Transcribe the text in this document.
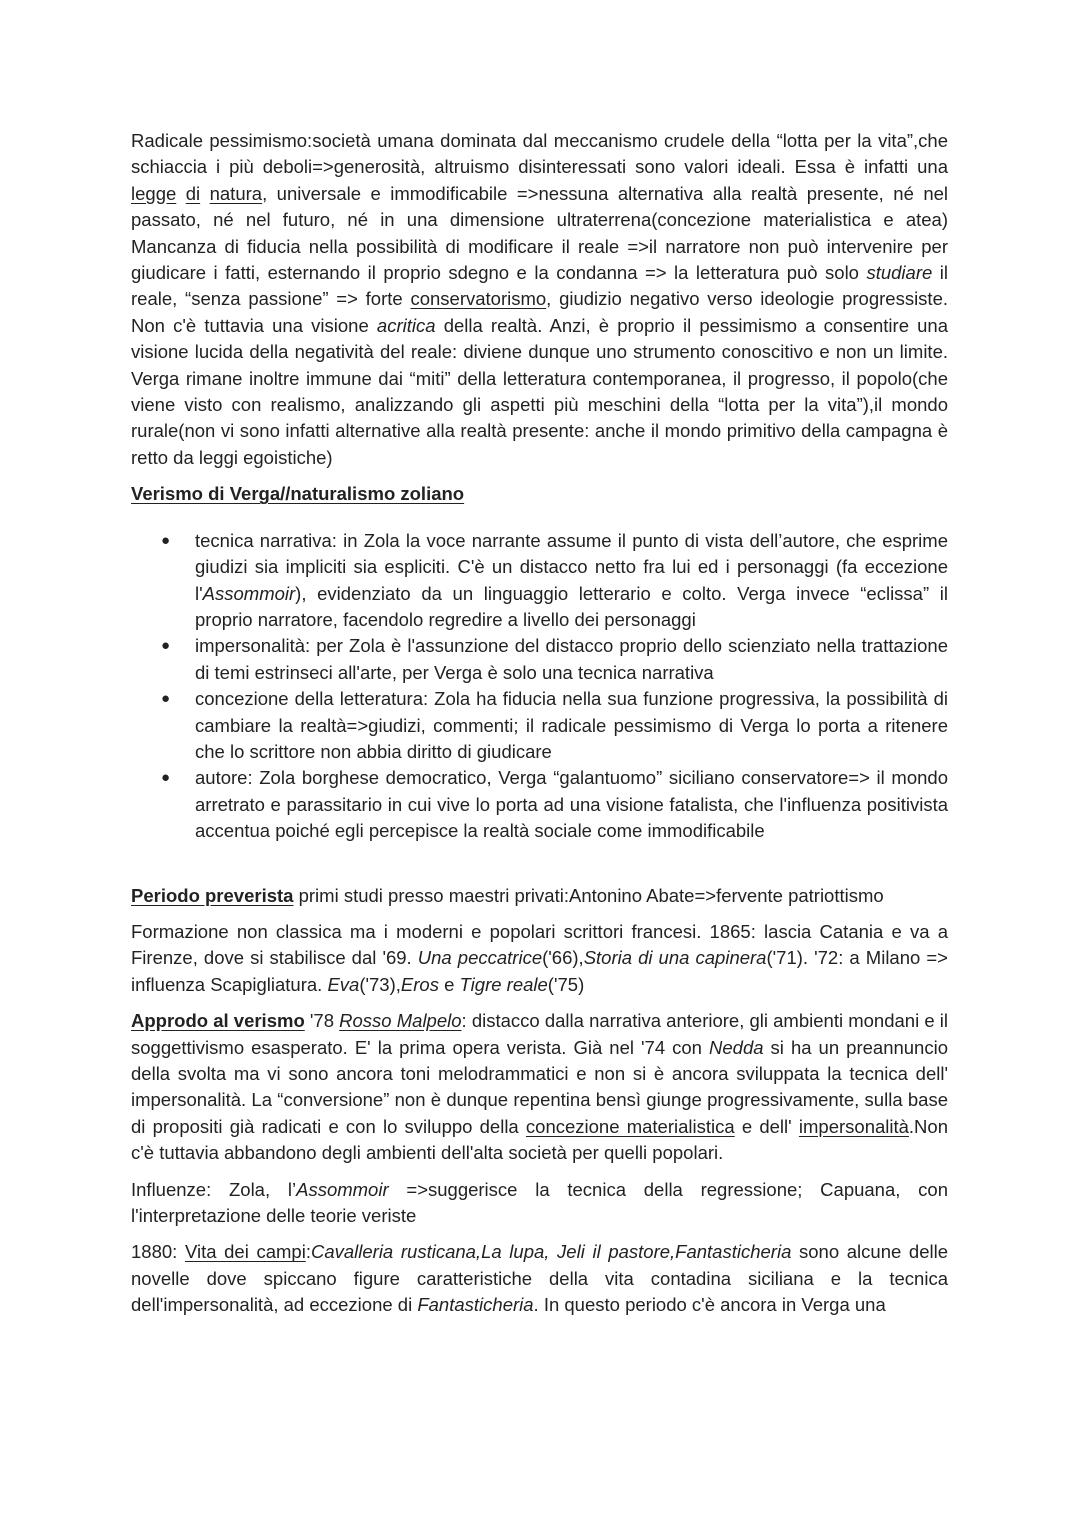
Radicale pessimismo:società umana dominata dal meccanismo crudele della “lotta per la vita”,che schiaccia i più deboli=>generosità, altruismo disinteressati sono valori ideali. Essa è infatti una legge di natura, universale e immodificabile =>nessuna alternativa alla realtà presente, né nel passato, né nel futuro, né in una dimensione ultraterrena(concezione materialistica e atea) Mancanza di fiducia nella possibilità di modificare il reale =>il narratore non può intervenire per giudicare i fatti, esternando il proprio sdegno e la condanna => la letteratura può solo studiare il reale, “senza passione” => forte conservatorismo, giudizio negativo verso ideologie progressiste. Non c'è tuttavia una visione acritica della realtà. Anzi, è proprio il pessimismo a consentire una visione lucida della negatività del reale: diviene dunque uno strumento conoscitivo e non un limite. Verga rimane inoltre immune dai “miti” della letteratura contemporanea, il progresso, il popolo(che viene visto con realismo, analizzando gli aspetti più meschini della “lotta per la vita”),il mondo rurale(non vi sono infatti alternative alla realtà presente: anche il mondo primitivo della campagna è retto da leggi egoistiche)

Verismo di Verga//naturalismo zoliano

● tecnica narrativa: in Zola la voce narrante assume il punto di vista dell’autore, che esprime giudizi sia impliciti sia espliciti. C'è un distacco netto fra lui ed i personaggi (fa eccezione l'Assommoir), evidenziato da un linguaggio letterario e colto. Verga invece “eclissa” il proprio narratore, facendolo regredire a livello dei personaggi
● impersonalità: per Zola è l'assunzione del distacco proprio dello scienziato nella trattazione di temi estrinseci all'arte, per Verga è solo una tecnica narrativa
● concezione della letteratura: Zola ha fiducia nella sua funzione progressiva, la possibilità di cambiare la realtà=>giudizi, commenti; il radicale pessimismo di Verga lo porta a ritenere che lo scrittore non abbia diritto di giudicare
● autore: Zola borghese democratico, Verga “galantuomo” siciliano conservatore=> il mondo arretrato e parassitario in cui vive lo porta ad una visione fatalista, che l'influenza positivista accentua poiché egli percepisce la realtà sociale come immodificabile

Periodo preverista primi studi presso maestri privati:Antonino Abate=>fervente patriottismo

Formazione non classica ma i moderni e popolari scrittori francesi. 1865: lascia Catania e va a Firenze, dove si stabilisce dal '69. Una peccatrice('66),Storia di una capinera('71). '72: a Milano => influenza Scapigliatura. Eva('73),Eros e Tigre reale('75)

Approdo al verismo '78 Rosso Malpelo: distacco dalla narrativa anteriore, gli ambienti mondani e il soggettivismo esasperato. E' la prima opera verista. Già nel '74 con Nedda si ha un preannuncio della svolta ma vi sono ancora toni melodrammatici e non si è ancora sviluppata la tecnica dell' impersonalità. La “conversione” non è dunque repentina bensì giunge progressivamente, sulla base di propositi già radicati e con lo sviluppo della concezione materialistica e dell' impersonalità.Non c'è tuttavia abbandono degli ambienti dell'alta società per quelli popolari.

Influenze: Zola, l’Assommoir =>suggerisce la tecnica della regressione; Capuana, con l'interpretazione delle teorie veriste

1880: Vita dei campi:Cavalleria rusticana,La lupa, Jeli il pastore,Fantasticheria sono alcune delle novelle dove spiccano figure caratteristiche della vita contadina siciliana e la tecnica dell'impersonalità, ad eccezione di Fantasticheria. In questo periodo c'è ancora in Verga una
